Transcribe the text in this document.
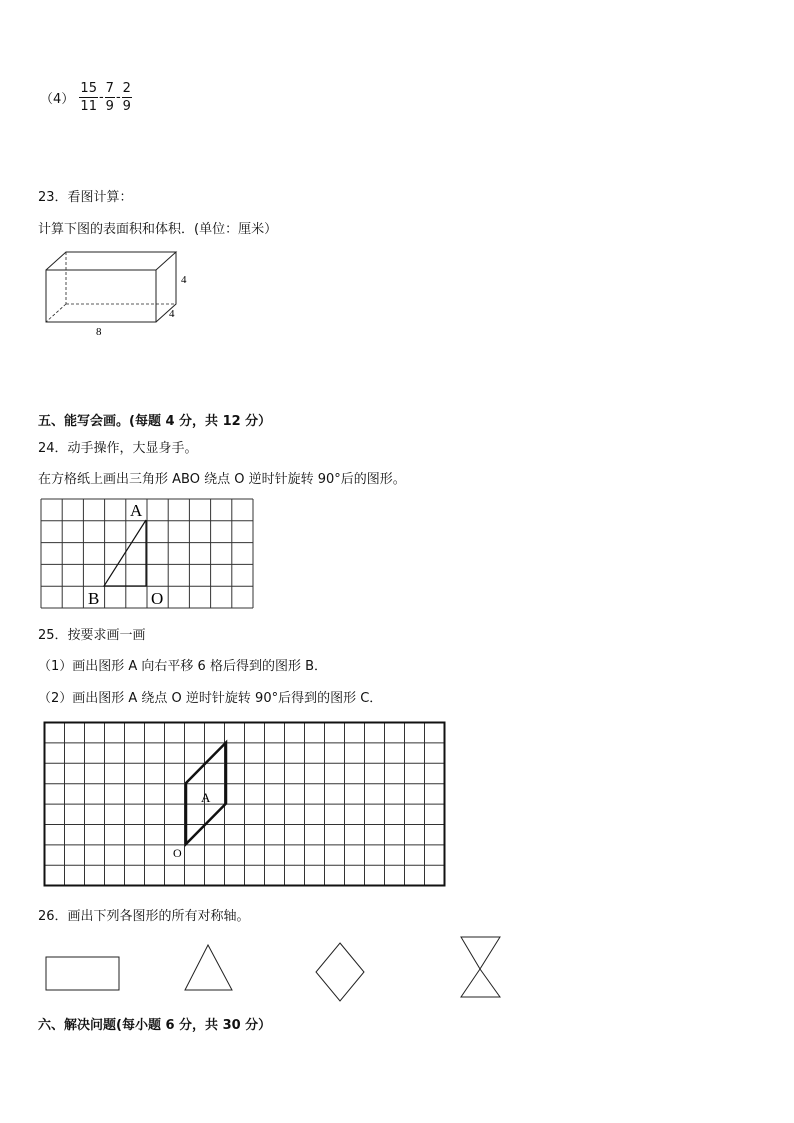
$(4) \frac{15}{11} - \frac{7}{9} - \frac{2}{9}$
23．看图计算：
计算下图的表面积和体积．(单位：厘米）
4
4
8
五、能写会画。(每题 4 分，共 12 分）
24．动手操作，大显身手。
在方格纸上画出三角形 ABO 绕点 O 逆时针旋转 90°后的图形。
A
B	O
25．按要求画一画
（1）画出图形 A 向右平移 6 格后得到的图形 B．
（2）画出图形 A 绕点 O 逆时针旋转 90°后得到的图形 C．
A
O
26．画出下列各图形的所有对称轴。
六、解决问题(每小题 6 分，共 30 分）
